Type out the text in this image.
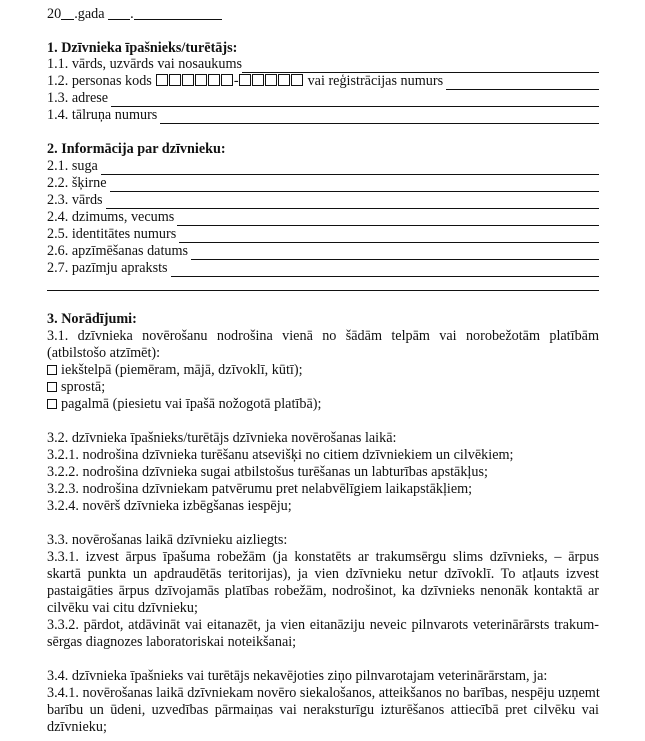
20 .gada .
1. Dzīvnieka īpašnieks/turētājs:
1.1. vārds, uzvārds vai nosaukums
1.2. personas kods	-	vai reģistrācijas numurs
1.3. adrese
1.4. tālruņa numurs
2. Informācija par dzīvnieku:
2.1. suga
2.2. šķirne
2.3. vārds
2.4. dzimums, vecums
2.5. identitātes numurs
2.6. apzīmēšanas datums
2.7. pazīmju apraksts
3. Norādījumi:
3.1. dzīvnieka novērošanu nodrošina vienā no šādām telpām vai norobežotām platībām
(atbilstošo atzīmēt):
iekštelpā (piemēram, mājā, dzīvoklī, kūtī);
sprostā;
pagalmā (piesietu vai īpašā nožogotā platībā);
3.2. dzīvnieka īpašnieks/turētājs dzīvnieka novērošanas laikā:
3.2.1. nodrošina dzīvnieka turēšanu atsevišķi no citiem dzīvniekiem un cilvēkiem;
3.2.2. nodrošina dzīvnieka sugai atbilstošus turēšanas un labturības apstākļus;
3.2.3. nodrošina dzīvniekam patvērumu pret nelabvēlīgiem laikapstākļiem;
3.2.4. novērš dzīvnieka izbēgšanas iespēju;
3.3. novērošanas laikā dzīvnieku aizliegts:
3.3.1. izvest ārpus īpašuma robežām (ja konstatēts ar trakumsērgu slims dzīvnieks, – ārpus
skartā punkta un apdraudētās teritorijas), ja vien dzīvnieku netur dzīvoklī. To atļauts izvest
pastaigāties ārpus dzīvojamās platības robežām, nodrošinot, ka dzīvnieks nenonāk kontaktā ar
cilvēku vai citu dzīvnieku;
3.3.2. pārdot, atdāvināt vai eitanazēt, ja vien eitanāziju neveic pilnvarots veterinārārsts trakum-
sērgas diagnozes laboratoriskai noteikšanai;
3.4. dzīvnieka īpašnieks vai turētājs nekavējoties ziņo pilnvarotajam veterinārārstam, ja:
3.4.1. novērošanas laikā dzīvniekam novēro siekalošanos, atteikšanos no barības, nespēju uzņemt
barību un ūdeni, uzvedības pārmaiņas vai neraksturīgu izturēšanos attiecībā pret cilvēku vai
dzīvnieku;
